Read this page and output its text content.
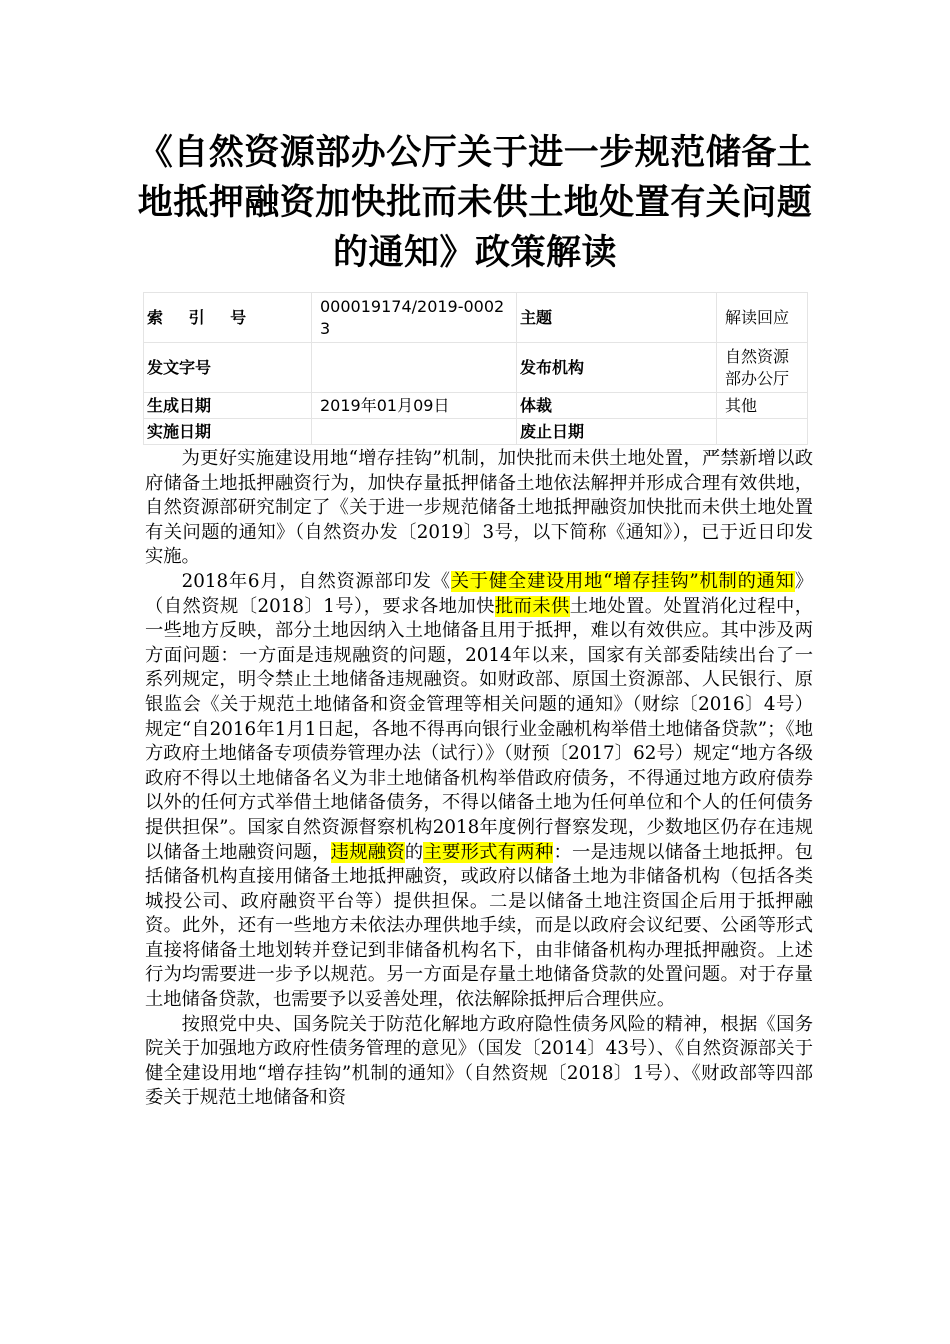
《自然资源部办公厅关于进一步规范储备土地抵押融资加快批而未供土地处置有关问题的通知》政策解读
索 引 号	000019174/2019-00023	主题	解读回应
发文字号		发布机构	自然资源部办公厅
生成日期	2019年01月09日	体裁	其他
实施日期		废止日期	

为更好实施建设用地“增存挂钩”机制，加快批而未供土地处置，严禁新增以政府储备土地抵押融资行为，加快存量抵押储备土地依法解押并形成合理有效供地，自然资源部研究制定了《关于进一步规范储备土地抵押融资加快批而未供土地处置有关问题的通知》（自然资办发〔2019〕3号，以下简称《通知》），已于近日印发实施。

2018年6月，自然资源部印发《关于健全建设用地“增存挂钩”机制的通知》（自然资规〔2018〕1号），要求各地加快批而未供土地处置。处置消化过程中，一些地方反映，部分土地因纳入土地储备且用于抵押，难以有效供应。其中涉及两方面问题：一方面是违规融资的问题，2014年以来，国家有关部委陆续出台了一系列规定，明令禁止土地储备违规融资。如财政部、原国土资源部、人民银行、原银监会《关于规范土地储备和资金管理等相关问题的通知》（财综〔2016〕4号）规定“自2016年1月1日起，各地不得再向银行业金融机构举借土地储备贷款”；《地方政府土地储备专项债券管理办法（试行）》（财预〔2017〕62号）规定“地方各级政府不得以土地储备名义为非土地储备机构举借政府债务，不得通过地方政府债券以外的任何方式举借土地储备债务，不得以储备土地为任何单位和个人的任何债务提供担保”。国家自然资源督察机构2018年度例行督察发现，少数地区仍存在违规以储备土地融资问题，违规融资的主要形式有两种：一是违规以储备土地抵押。包括储备机构直接用储备土地抵押融资，或政府以储备土地为非储备机构（包括各类城投公司、政府融资平台等）提供担保。二是以储备土地注资国企后用于抵押融资。此外，还有一些地方未依法办理供地手续，而是以政府会议纪要、公函等形式直接将储备土地划转并登记到非储备机构名下，由非储备机构办理抵押融资。上述行为均需要进一步予以规范。另一方面是存量土地储备贷款的处置问题。对于存量土地储备贷款，也需要予以妥善处理，依法解除抵押后合理供应。

按照党中央、国务院关于防范化解地方政府隐性债务风险的精神，根据《国务院关于加强地方政府性债务管理的意见》（国发〔2014〕43号）、《自然资源部关于健全建设用地“增存挂钩”机制的通知》（自然资规〔2018〕1号）、《财政部等四部委关于规范土地储备和资
